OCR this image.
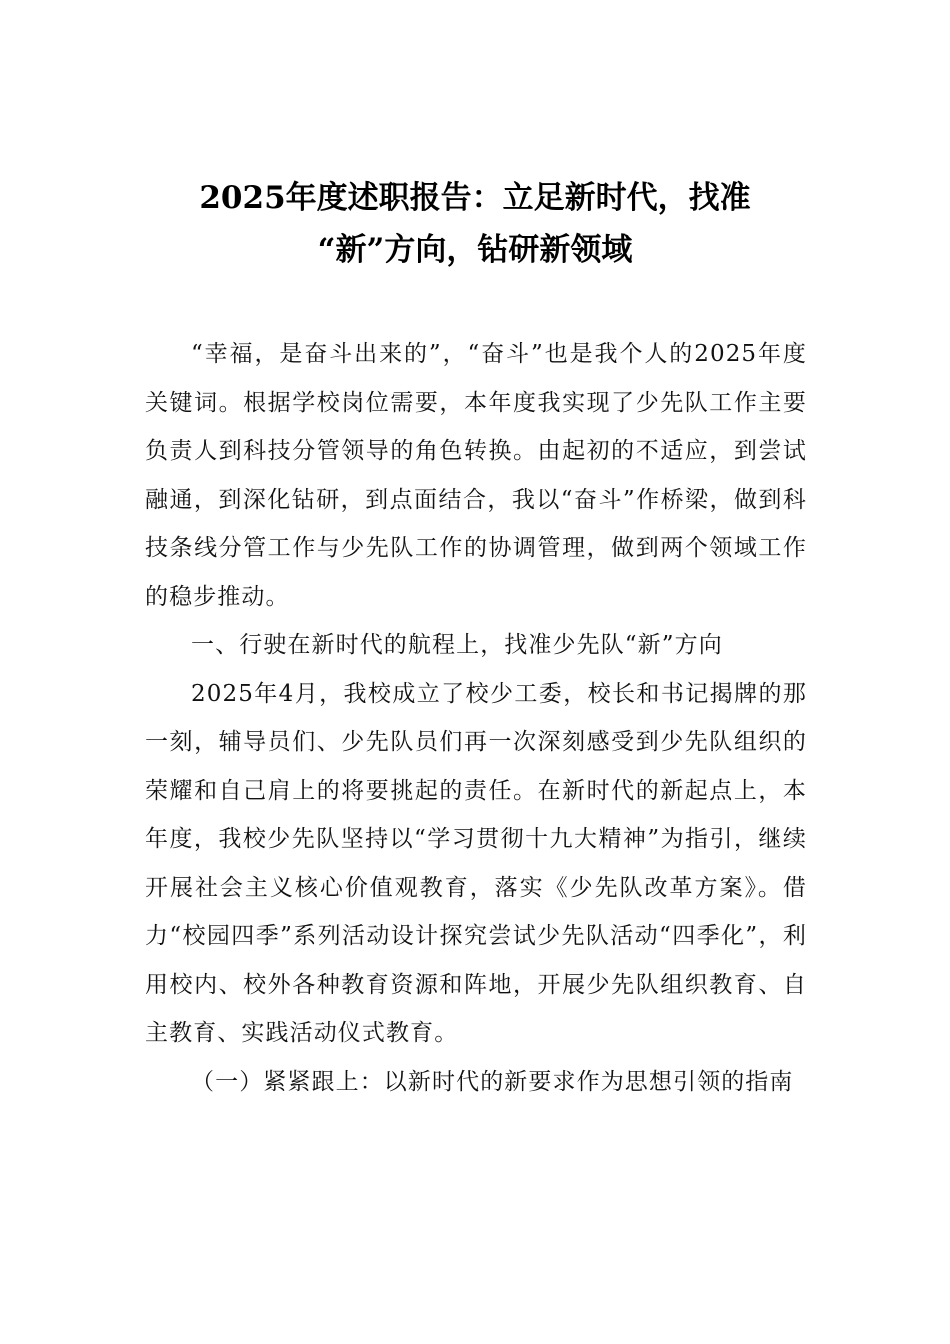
2025年度述职报告：立足新时代，找准
“新”方向，钻研新领域

“幸福，是奋斗出来的”，“奋斗”也是我个人的2025年度关键词。根据学校岗位需要，本年度我实现了少先队工作主要负责人到科技分管领导的角色转换。由起初的不适应，到尝试融通，到深化钻研，到点面结合，我以“奋斗”作桥梁，做到科技条线分管工作与少先队工作的协调管理，做到两个领域工作的稳步推动。

一、行驶在新时代的航程上，找准少先队“新”方向

2025年4月，我校成立了校少工委，校长和书记揭牌的那一刻，辅导员们、少先队员们再一次深刻感受到少先队组织的荣耀和自己肩上的将要挑起的责任。在新时代的新起点上，本年度，我校少先队坚持以“学习贯彻十九大精神”为指引，继续开展社会主义核心价值观教育，落实《少先队改革方案》。借力“校园四季”系列活动设计探究尝试少先队活动“四季化”，利用校内、校外各种教育资源和阵地，开展少先队组织教育、自主教育、实践活动仪式教育。

（一）紧紧跟上：以新时代的新要求作为思想引领的指南
